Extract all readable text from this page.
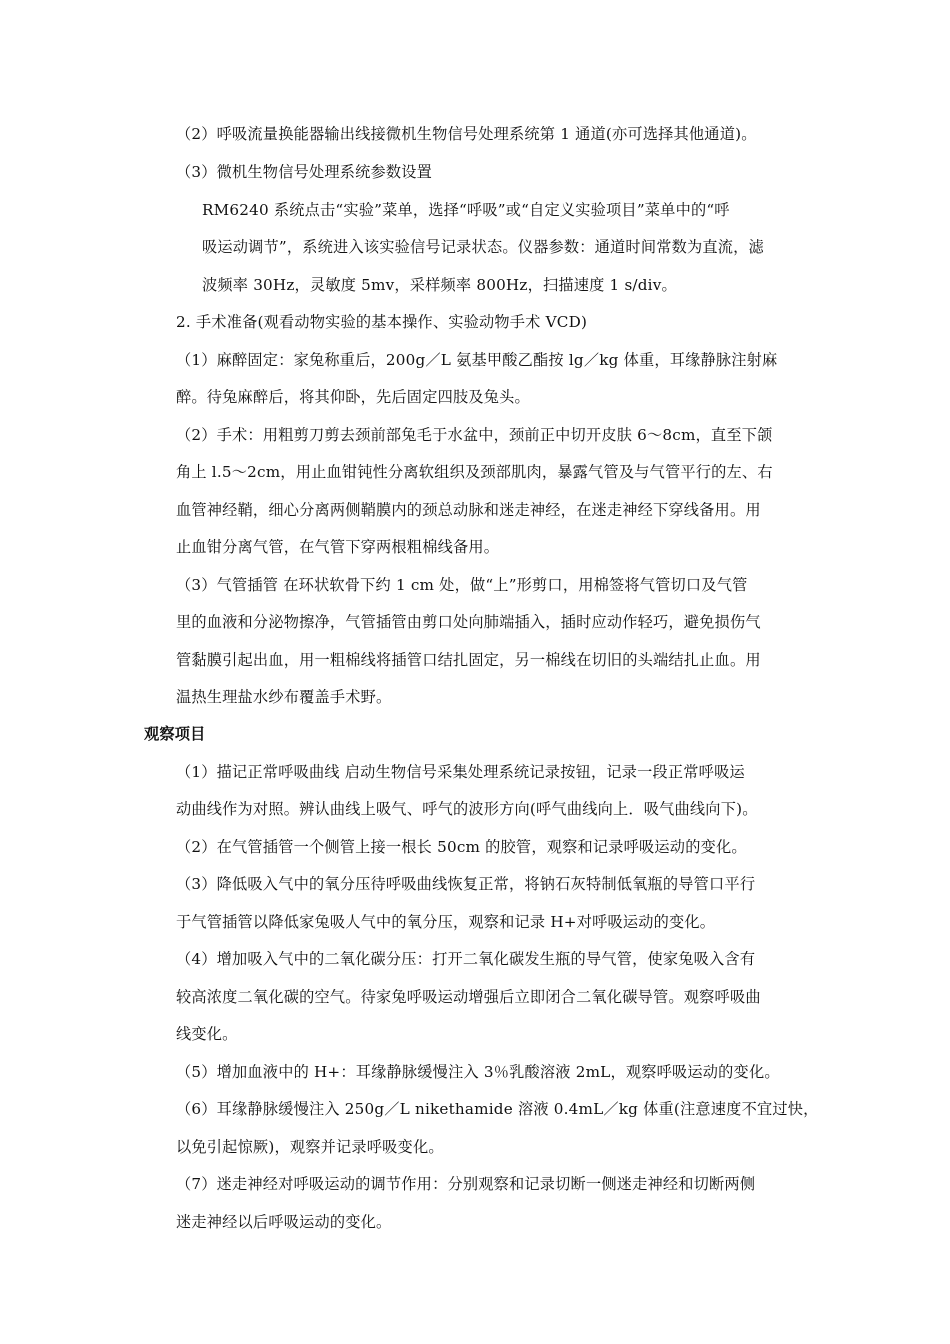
（2）呼吸流量换能器输出线接微机生物信号处理系统第 1 通道(亦可选择其他通道)。
（3）微机生物信号处理系统参数设置
RM6240 系统点击“实验”菜单，选择“呼吸”或“自定义实验项目”菜单中的“呼
吸运动调节”，系统进入该实验信号记录状态。仪器参数：通道时间常数为直流，滤
波频率 30Hz，灵敏度 5mv，采样频率 800Hz，扫描速度 1 s/div。
2. 手术准备(观看动物实验的基本操作、实验动物手术 VCD)
（1）麻醉固定：家兔称重后，200g／L 氨基甲酸乙酯按 lg／kg 体重，耳缘静脉注射麻
醉。待兔麻醉后，将其仰卧，先后固定四肢及兔头。
（2）手术：用粗剪刀剪去颈前部兔毛于水盆中，颈前正中切开皮肤 6～8cm，直至下颌
角上 l.5～2cm，用止血钳钝性分离软组织及颈部肌肉，暴露气管及与气管平行的左、右
血管神经鞘，细心分离两侧鞘膜内的颈总动脉和迷走神经，在迷走神经下穿线备用。用
止血钳分离气管，在气管下穿两根粗棉线备用。
（3）气管插管 在环状软骨下约 1 cm 处，做“上”形剪口，用棉签将气管切口及气管
里的血液和分泌物擦净，气管插管由剪口处向肺端插入，插时应动作轻巧，避免损伤气
管黏膜引起出血，用一粗棉线将插管口结扎固定，另一棉线在切旧的头端结扎止血。用
温热生理盐水纱布覆盖手术野。
观察项目
（1）描记正常呼吸曲线 启动生物信号采集处理系统记录按钮，记录一段正常呼吸运
动曲线作为对照。辨认曲线上吸气、呼气的波形方向(呼气曲线向上．吸气曲线向下)。
（2）在气管插管一个侧管上接一根长 50cm 的胶管，观察和记录呼吸运动的变化。
（3）降低吸入气中的氧分压待呼吸曲线恢复正常，将钠石灰特制低氧瓶的导管口平行
于气管插管以降低家兔吸人气中的氧分压，观察和记录 H+对呼吸运动的变化。
（4）增加吸入气中的二氧化碳分压：打开二氧化碳发生瓶的导气管，使家兔吸入含有
较高浓度二氧化碳的空气。待家兔呼吸运动增强后立即闭合二氧化碳导管。观察呼吸曲
线变化。
（5）增加血液中的 H+：耳缘静脉缓慢注入 3％乳酸溶液 2mL，观察呼吸运动的变化。
（6）耳缘静脉缓慢注入 250g／L nikethamide 溶液 0.4mL／kg 体重(注意速度不宜过快，
以免引起惊厥)，观察并记录呼吸变化。
（7）迷走神经对呼吸运动的调节作用：分别观察和记录切断一侧迷走神经和切断两侧
迷走神经以后呼吸运动的变化。
